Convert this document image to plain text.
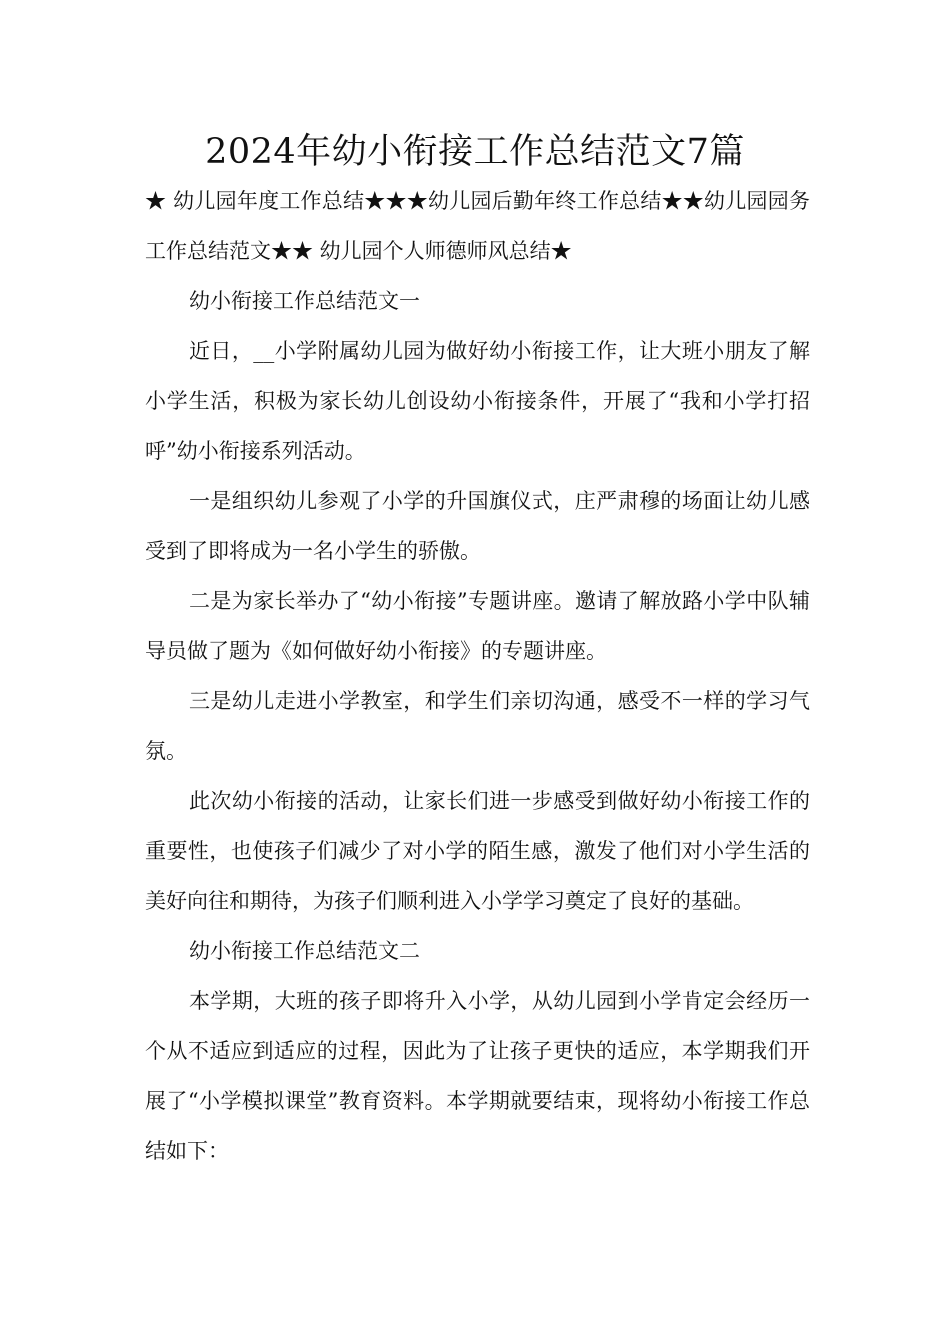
2024年幼小衔接工作总结范文7篇

★ 幼儿园年度工作总结★★★幼儿园后勤年终工作总结★★幼儿园园务工作总结范文★★ 幼儿园个人师德师风总结★

幼小衔接工作总结范文一

近日，__小学附属幼儿园为做好幼小衔接工作，让大班小朋友了解小学生活，积极为家长幼儿创设幼小衔接条件，开展了“我和小学打招呼”幼小衔接系列活动。

一是组织幼儿参观了小学的升国旗仪式，庄严肃穆的场面让幼儿感受到了即将成为一名小学生的骄傲。

二是为家长举办了“幼小衔接”专题讲座。邀请了解放路小学中队辅导员做了题为《如何做好幼小衔接》的专题讲座。

三是幼儿走进小学教室，和学生们亲切沟通，感受不一样的学习气氛。

此次幼小衔接的活动，让家长们进一步感受到做好幼小衔接工作的重要性，也使孩子们减少了对小学的陌生感，激发了他们对小学生活的美好向往和期待，为孩子们顺利进入小学学习奠定了良好的基础。

幼小衔接工作总结范文二

本学期，大班的孩子即将升入小学，从幼儿园到小学肯定会经历一个从不适应到适应的过程，因此为了让孩子更快的适应，本学期我们开展了“小学模拟课堂”教育资料。本学期就要结束，现将幼小衔接工作总结如下：
